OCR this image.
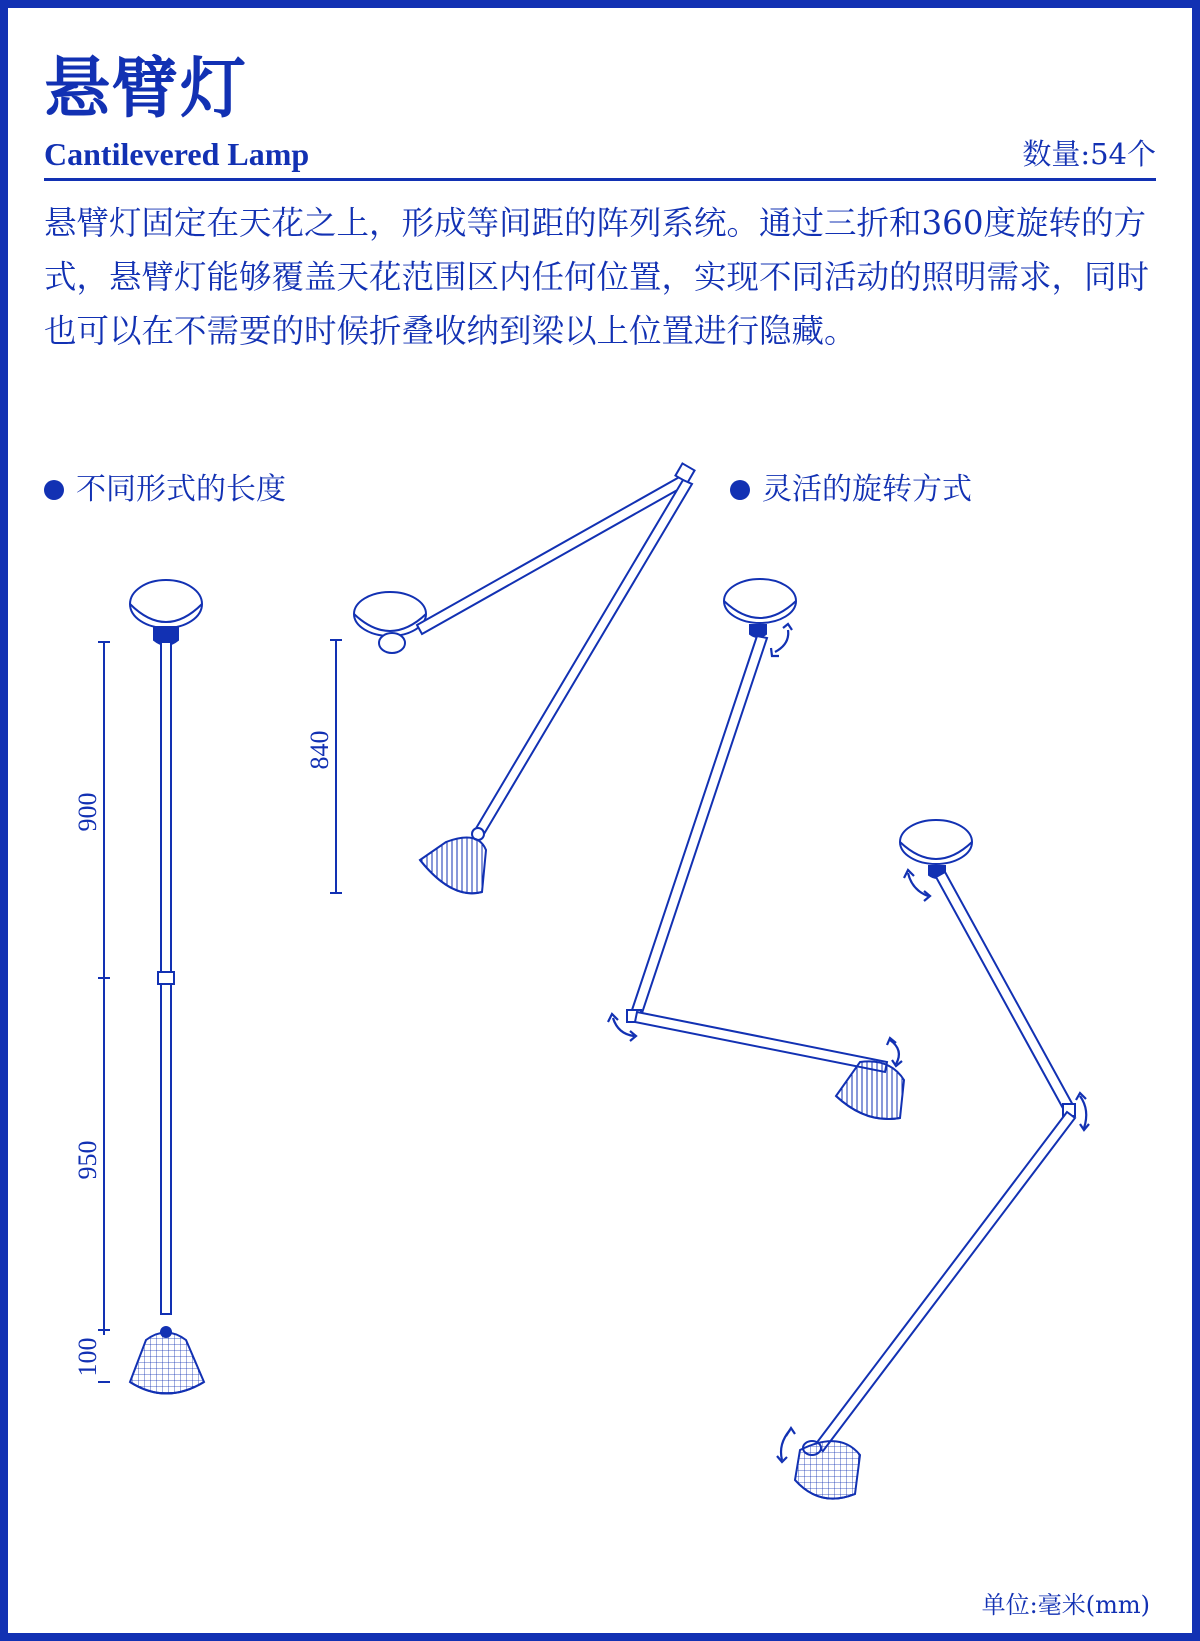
悬臂灯
Cantilevered Lamp	数量:54个

悬臂灯固定在天花之上，形成等间距的阵列系统。通过三折和360度旋转的方式，悬臂灯能够覆盖天花范围区内任何位置，实现不同活动的照明需求，同时也可以在不需要的时候折叠收纳到梁以上位置进行隐藏。

不同形式的长度	灵活的旋转方式
900
950
100
840
单位:毫米(mm)
